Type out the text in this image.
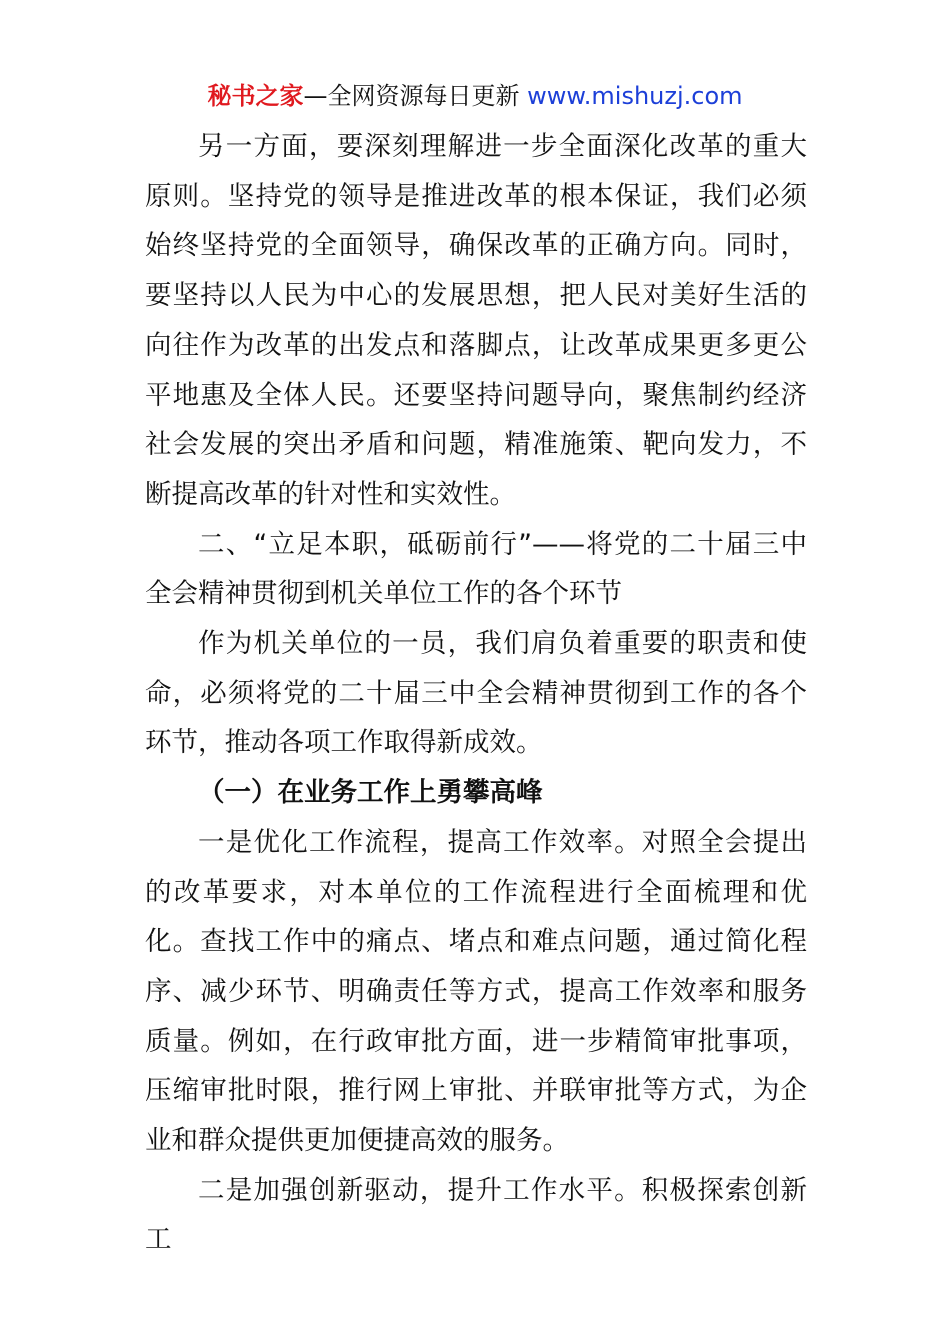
秘书之家—全网资源每日更新 www.mishuzj.com

另一方面，要深刻理解进一步全面深化改革的重大原则。坚持党的领导是推进改革的根本保证，我们必须始终坚持党的全面领导，确保改革的正确方向。同时，要坚持以人民为中心的发展思想，把人民对美好生活的向往作为改革的出发点和落脚点，让改革成果更多更公平地惠及全体人民。还要坚持问题导向，聚焦制约经济社会发展的突出矛盾和问题，精准施策、靶向发力，不断提高改革的针对性和实效性。

二、“立足本职，砥砺前行”——将党的二十届三中全会精神贯彻到机关单位工作的各个环节

作为机关单位的一员，我们肩负着重要的职责和使命，必须将党的二十届三中全会精神贯彻到工作的各个环节，推动各项工作取得新成效。

（一）在业务工作上勇攀高峰

一是优化工作流程，提高工作效率。对照全会提出的改革要求，对本单位的工作流程进行全面梳理和优化。查找工作中的痛点、堵点和难点问题，通过简化程序、减少环节、明确责任等方式，提高工作效率和服务质量。例如，在行政审批方面，进一步精简审批事项，压缩审批时限，推行网上审批、并联审批等方式，为企业和群众提供更加便捷高效的服务。

二是加强创新驱动，提升工作水平。积极探索创新工
